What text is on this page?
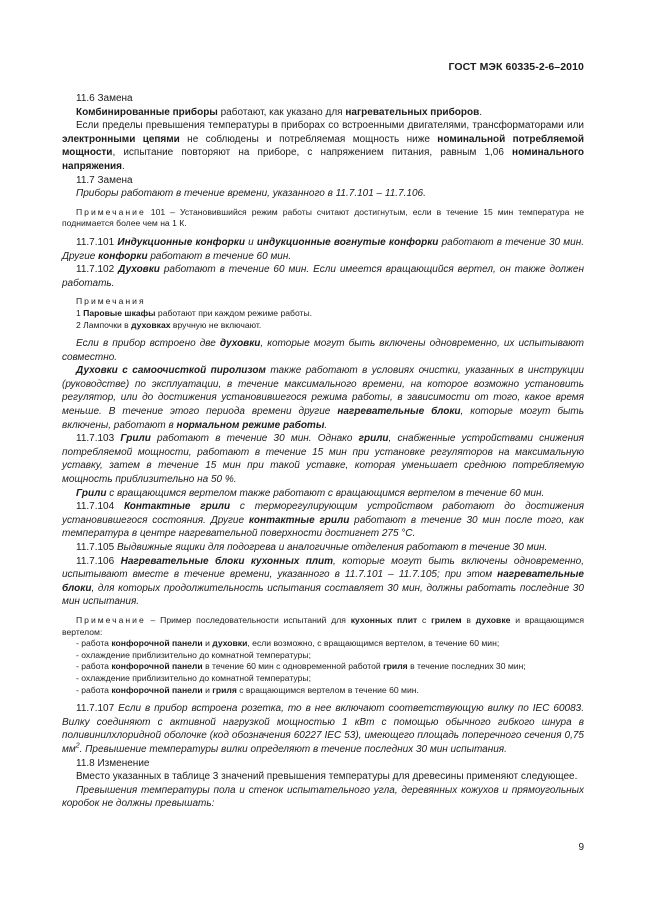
ГОСТ МЭК 60335-2-6–2010

11.6 Замена

Комбинированные приборы работают, как указано для нагревательных приборов.

Если пределы превышения температуры в приборах со встроенными двигателями, трансформаторами или электронными цепями не соблюдены и потребляемая мощность ниже номинальной потребляемой мощности, испытание повторяют на приборе, с напряжением питания, равным 1,06 номинального напряжения.

11.7 Замена

Приборы работают в течение времени, указанного в 11.7.101 – 11.7.106.

Примечание 101 – Установившийся режим работы считают достигнутым, если в течение 15 мин температура не поднимается более чем на 1 К.

11.7.101 Индукционные конфорки и индукционные вогнутые конфорки работают в течение 30 мин. Другие конфорки работают в течение 60 мин.

11.7.102 Духовки работают в течение 60 мин. Если имеется вращающийся вертел, он также должен работать.

Примечания

1 Паровые шкафы работают при каждом режиме работы.

2 Лампочки в духовках вручную не включают.

Если в прибор встроено две духовки, которые могут быть включены одновременно, их испытывают совместно.

Духовки с самоочисткой пиролизом также работают в условиях очистки, указанных в инструкции (руководстве) по эксплуатации, в течение максимального времени, на которое возможно установить регулятор, или до достижения установившегося режима работы, в зависимости от того, какое время меньше. В течение этого периода времени другие нагревательные блоки, которые могут быть включены, работают в нормальном режиме работы.

11.7.103 Грили работают в течение 30 мин. Однако грили, снабженные устройствами снижения потребляемой мощности, работают в течение 15 мин при установке регуляторов на максимальную уставку, затем в течение 15 мин при такой уставке, которая уменьшает среднюю потребляемую мощность приблизительно на 50 %.

Грили с вращающимся вертелом также работают с вращающимся вертелом в течение 60 мин.

11.7.104 Контактные грили с терморегулирующим устройством работают до достижения установившегося состояния. Другие контактные грили работают в течение 30 мин после того, как температура в центре нагревательной поверхности достигнет 275 °С.

11.7.105 Выдвижные ящики для подогрева и аналогичные отделения работают в течение 30 мин.

11.7.106 Нагревательные блоки кухонных плит, которые могут быть включены одновременно, испытывают вместе в течение времени, указанного в 11.7.101 – 11.7.105; при этом нагревательные блоки, для которых продолжительность испытания составляет 30 мин, должны работать последние 30 мин испытания.

Примечание – Пример последовательности испытаний для кухонных плит с грилем в духовке и вращающимся вертелом:

- работа конфорочной панели и духовки, если возможно, с вращающимся вертелом, в течение 60 мин;

- охлаждение приблизительно до комнатной температуры;

- работа конфорочной панели в течение 60 мин с одновременной работой гриля в течение последних 30 мин;

- охлаждение приблизительно до комнатной температуры;

- работа конфорочной панели и гриля с вращающимся вертелом в течение 60 мин.

11.7.107 Если в прибор встроена розетка, то в нее включают соответствующую вилку по IEC 60083. Вилку соединяют с активной нагрузкой мощностью 1 кВт с помощью обычного гибкого шнура в поливинилхлоридной оболочке (код обозначения 60227 IEC 53), имеющего площадь поперечного сечения 0,75 $мм^2$. Превышение температуры вилки определяют в течение последних 30 мин испытания.

11.8 Изменение

Вместо указанных в таблице 3 значений превышения температуры для древесины применяют следующее.

Превышения температуры пола и стенок испытательного угла, деревянных кожухов и прямоугольных коробок не должны превышать:

9
